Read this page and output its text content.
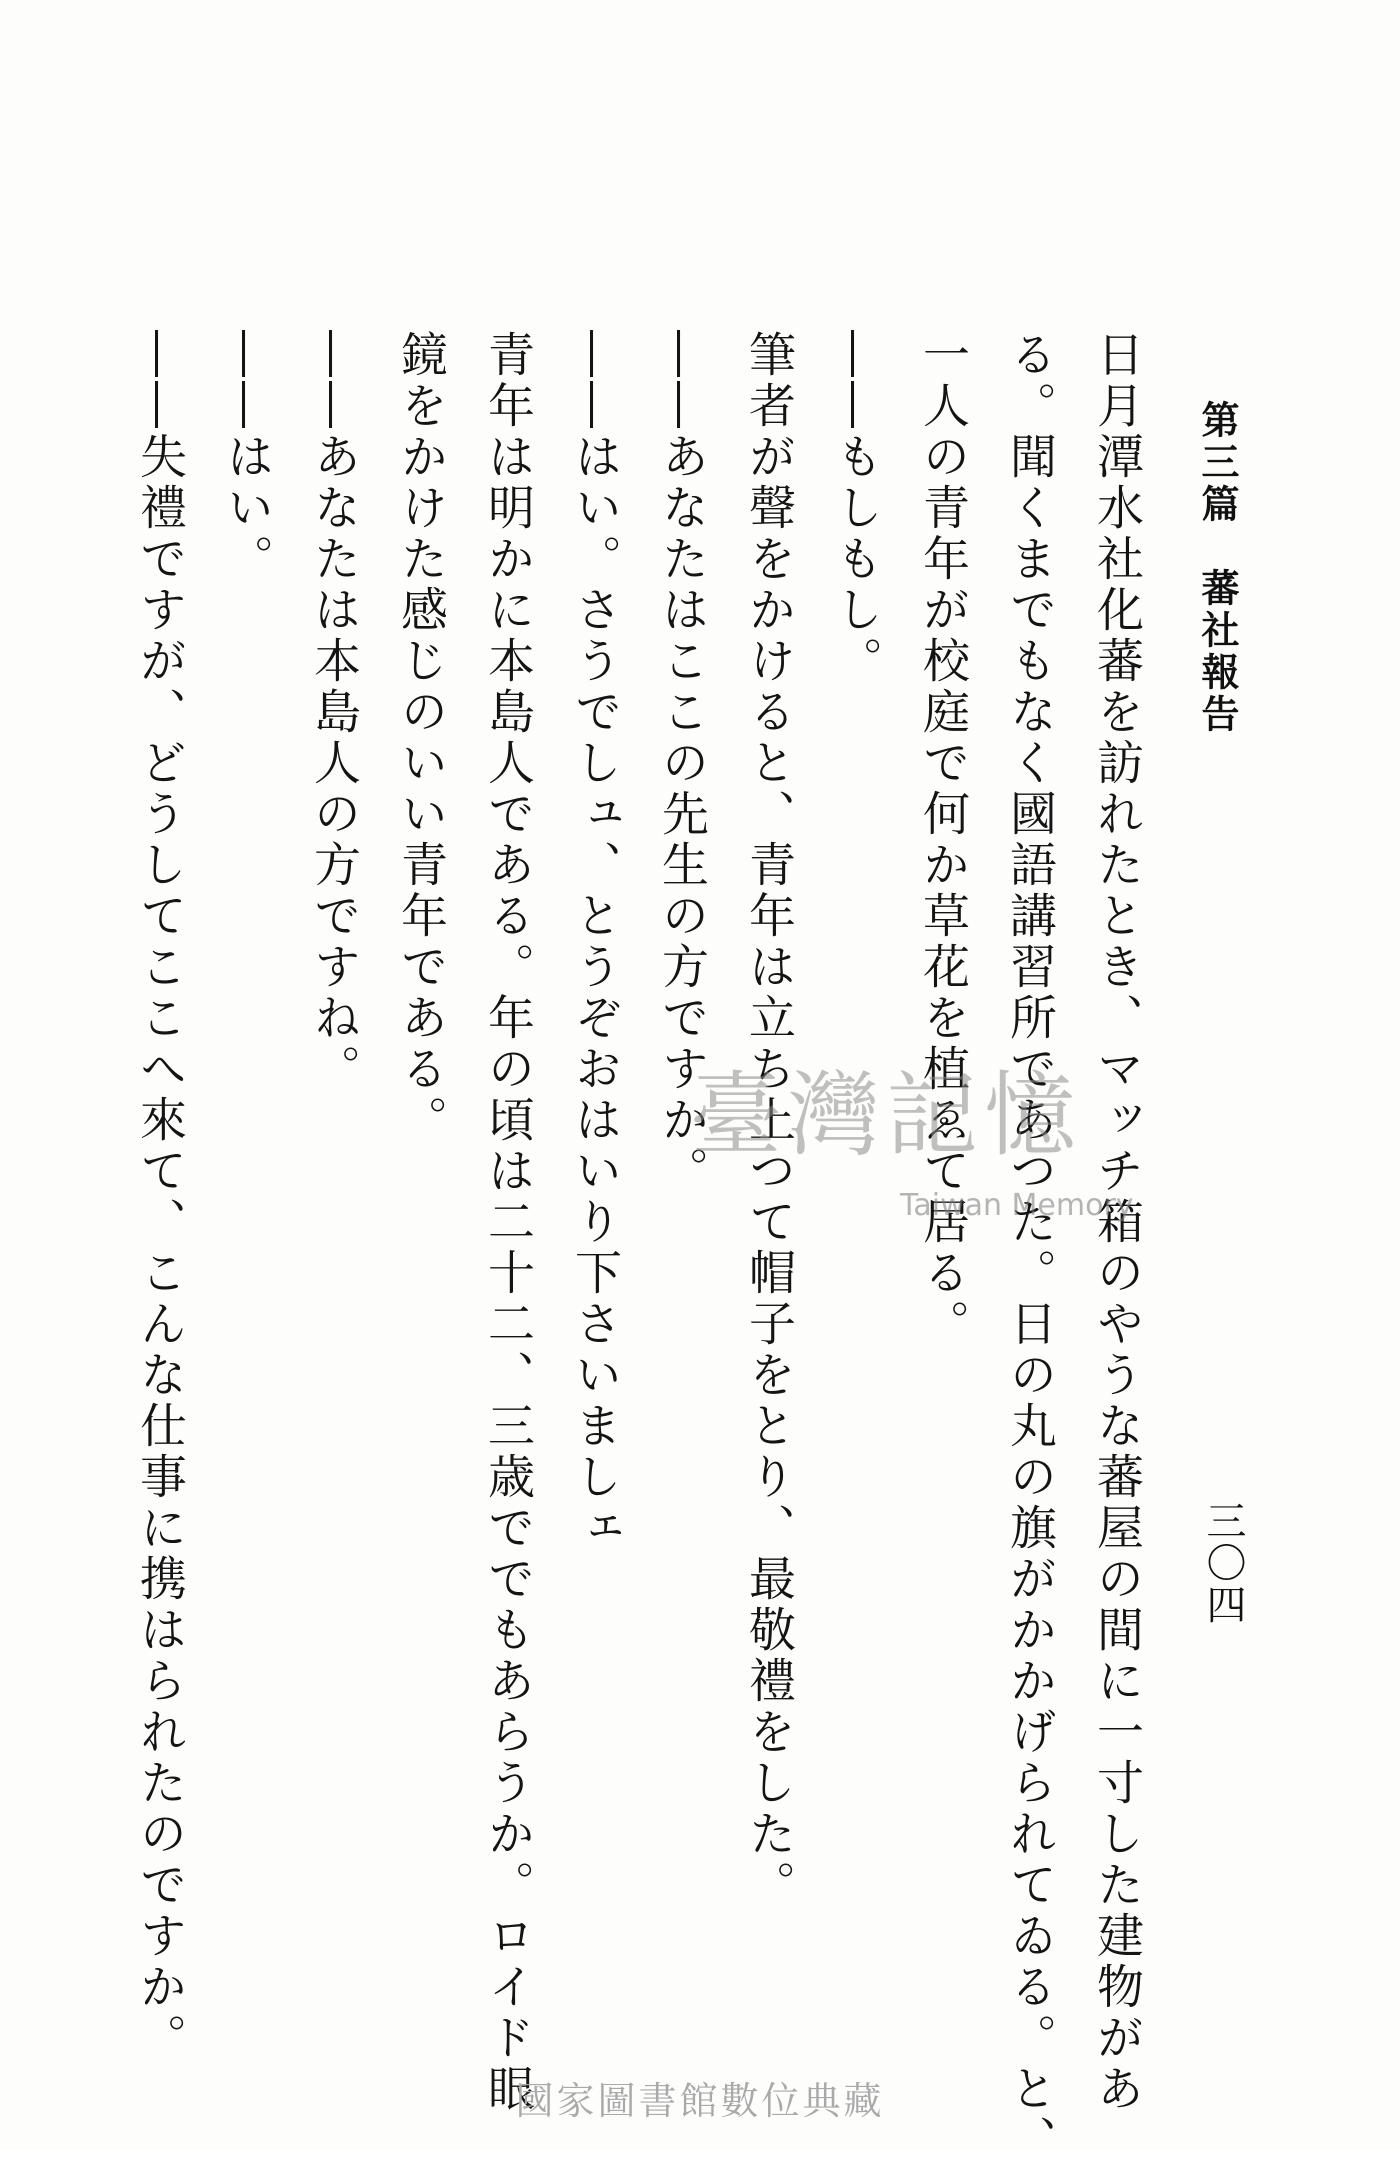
第三篇　蕃社報告
三〇四
日月潭水社化蕃を訪れたとき、マッチ箱のやうな蕃屋の間に一寸した建物があ
る。聞くまでもなく國語講習所であつた。日の丸の旗がかかげられてゐる。と、
一人の青年が校庭で何か草花を植ゑて居る。
――もしもし。
筆者が聲をかけると、青年は立ち上つて帽子をとり、最敬禮をした。
――あなたはここの先生の方ですか。
――はい。さうでしュ、とうぞおはいり下さいましェ
青年は明かに本島人である。年の頃は二十二、三歳ででもあらうか。ロイド眼
鏡をかけた感じのいい青年である。
――あなたは本島人の方ですね。
――はい。
――失禮ですが、どうしてここへ來て、こんな仕事に携はられたのですか。	臺灣記憶
Taiwan Memory
國家圖書館數位典藏
